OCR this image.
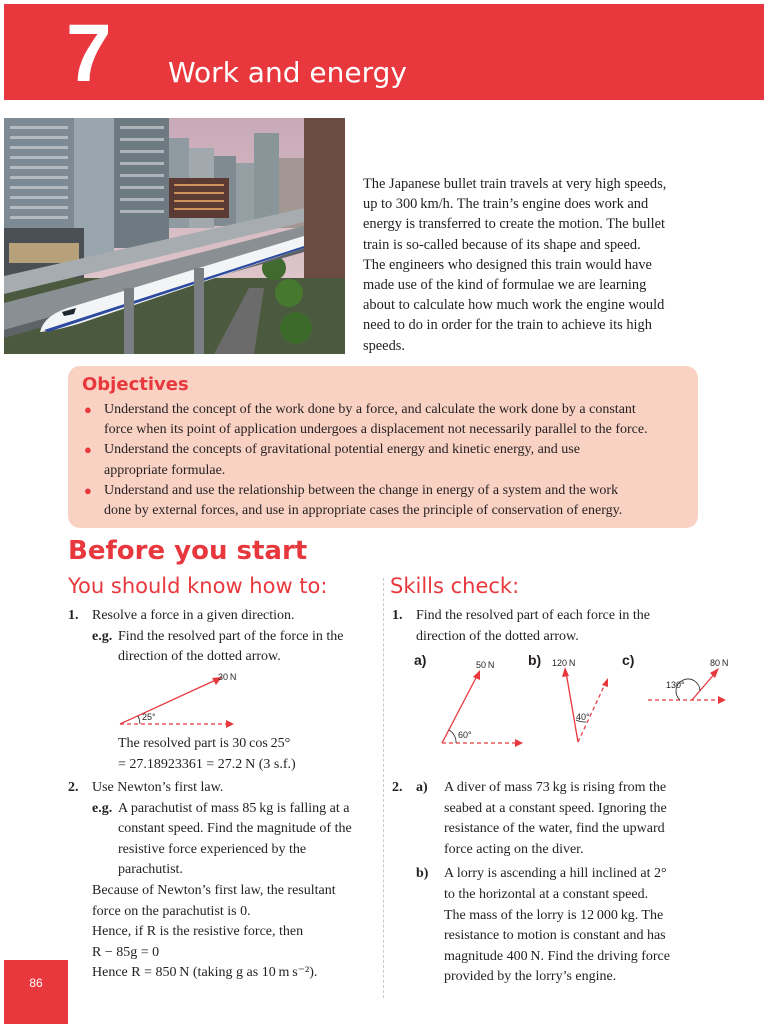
7 Work and energy
The Japanese bullet train travels at very high speeds,
up to 300 km/h. The train’s engine does work and
energy is transferred to create the motion. The bullet
train is so-called because of its shape and speed.
The engineers who designed this train would have
made use of the kind of formulae we are learning
about to calculate how much work the engine would
need to do in order for the train to achieve its high
speeds.
Objectives
● Understand the concept of the work done by a force, and calculate the work done by a constant
force when its point of application undergoes a displacement not necessarily parallel to the force.
● Understand the concepts of gravitational potential energy and kinetic energy, and use
appropriate formulae.
● Understand and use the relationship between the change in energy of a system and the work
done by external forces, and use in appropriate cases the principle of conservation of energy.
Before you start
You should know how to:	Skills check:
1. Resolve a force in a given direction.

e.g. Find the resolved part of the force in the

direction of the dotted arrow.

30 N
25°

The resolved part is 30 cos 25°

= 27.18923361 = 27.2 N (3 s.f.)

2. Use Newton’s first law.

e.g. A parachutist of mass 85 kg is falling at a

constant speed. Find the magnitude of the

resistive force experienced by the

parachutist.

Because of Newton’s first law, the resultant

force on the parachutist is 0.

Hence, if R is the resistive force, then

R − 85g = 0

Hence R = 850 N (taking g as 10 m s⁻²).

1. Find the resolved part of each force in the

direction of the dotted arrow.

a)	50 N
60°
b) 120 N
40°
c)	80 N
130°
2. a) A diver of mass 73 kg is rising from the

seabed at a constant speed. Ignoring the

resistance of the water, find the upward

force acting on the diver.

b) A lorry is ascending a hill inclined at 2°

to the horizontal at a constant speed.

The mass of the lorry is 12 000 kg. The

resistance to motion is constant and has

magnitude 400 N. Find the driving force

provided by the lorry’s engine.

86
